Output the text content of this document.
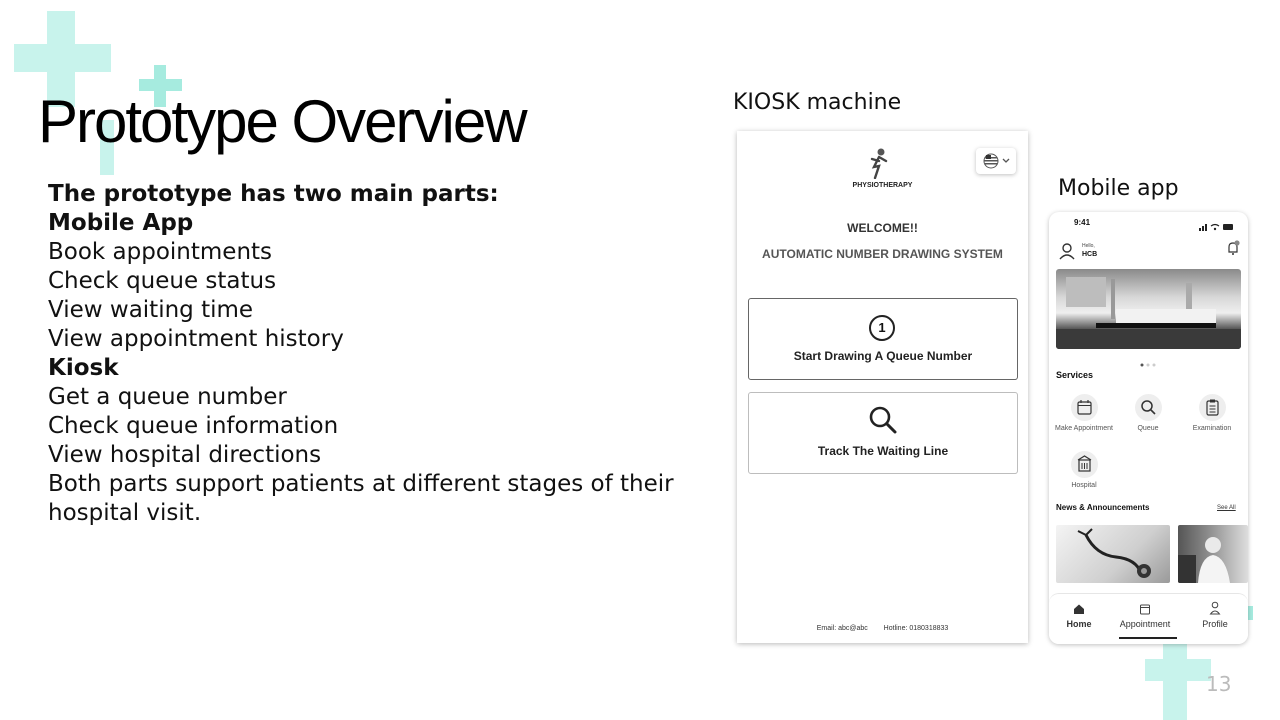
Prototype Overview
The prototype has two main parts:
Mobile App
Book appointments
Check queue status
View waiting time
View appointment history
Kiosk
Get a queue number
Check queue information
View hospital directions
Both parts support patients at different stages of their hospital visit.
KIOSK machine
Mobile app
PHYSIOTHERAPY
WELCOME!!
AUTOMATIC NUMBER DRAWING SYSTEM
1
Start Drawing A Queue Number
Track The Waiting Line
Email: abc@abc Hotline: 0180318833
9:41
Hello,
HCB
Services
Make Appointment	Queue	Examination
Hospital
News & Announcements	See All
Home	Appointment	Profile
13
